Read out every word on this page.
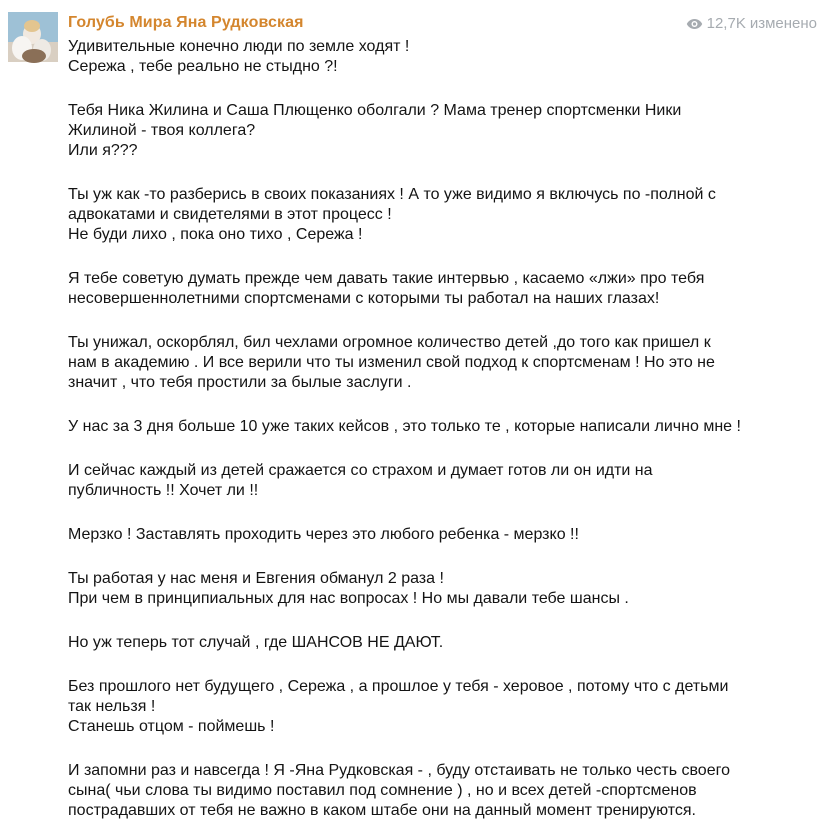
Голубь Мира Яна Рудковская	12,7K изменено
Удивительные конечно люди по земле ходят !
Сережа , тебе реально не стыдно ?!
Тебя Ника Жилина и Саша Плющенко оболгали ? Мама тренер спортсменки Ники
Жилиной - твоя коллега?
Или я???
Ты уж как -то разберись в своих показаниях ! А то уже видимо я включусь по -полной с
адвокатами и свидетелями в этот процесс !
Не буди лихо , пока оно тихо , Сережа !
Я тебе советую думать прежде чем давать такие интервью , касаемо «лжи» про тебя
несовершеннолетними спортсменами с которыми ты работал на наших глазах!
Ты унижал, оскорблял, бил чехлами огромное количество детей ,до того как пришел к
нам в академию . И все верили что ты изменил свой подход к спортсменам ! Но это не
значит , что тебя простили за былые заслуги .
У нас за 3 дня больше 10 уже таких кейсов , это только те , которые написали лично мне !
И сейчас каждый из детей сражается со страхом и думает готов ли он идти на
публичность !! Хочет ли !!
Мерзко ! Заставлять проходить через это любого ребенка - мерзко !!
Ты работая у нас меня и Евгения обманул 2 раза !
При чем в принципиальных для нас вопросах ! Но мы давали тебе шансы .
Но уж теперь тот случай , где ШАНСОВ НЕ ДАЮТ.
Без прошлого нет будущего , Сережа , а прошлое у тебя - херовое , потому что с детьми
так нельзя !
Станешь отцом - поймешь !
И запомни раз и навсегда ! Я -Яна Рудковская - , буду отстаивать не только честь своего
сына( чьи слова ты видимо поставил под сомнение ) , но и всех детей -спортсменов
пострадавших от тебя не важно в каком штабе они на данный момент тренируются.
